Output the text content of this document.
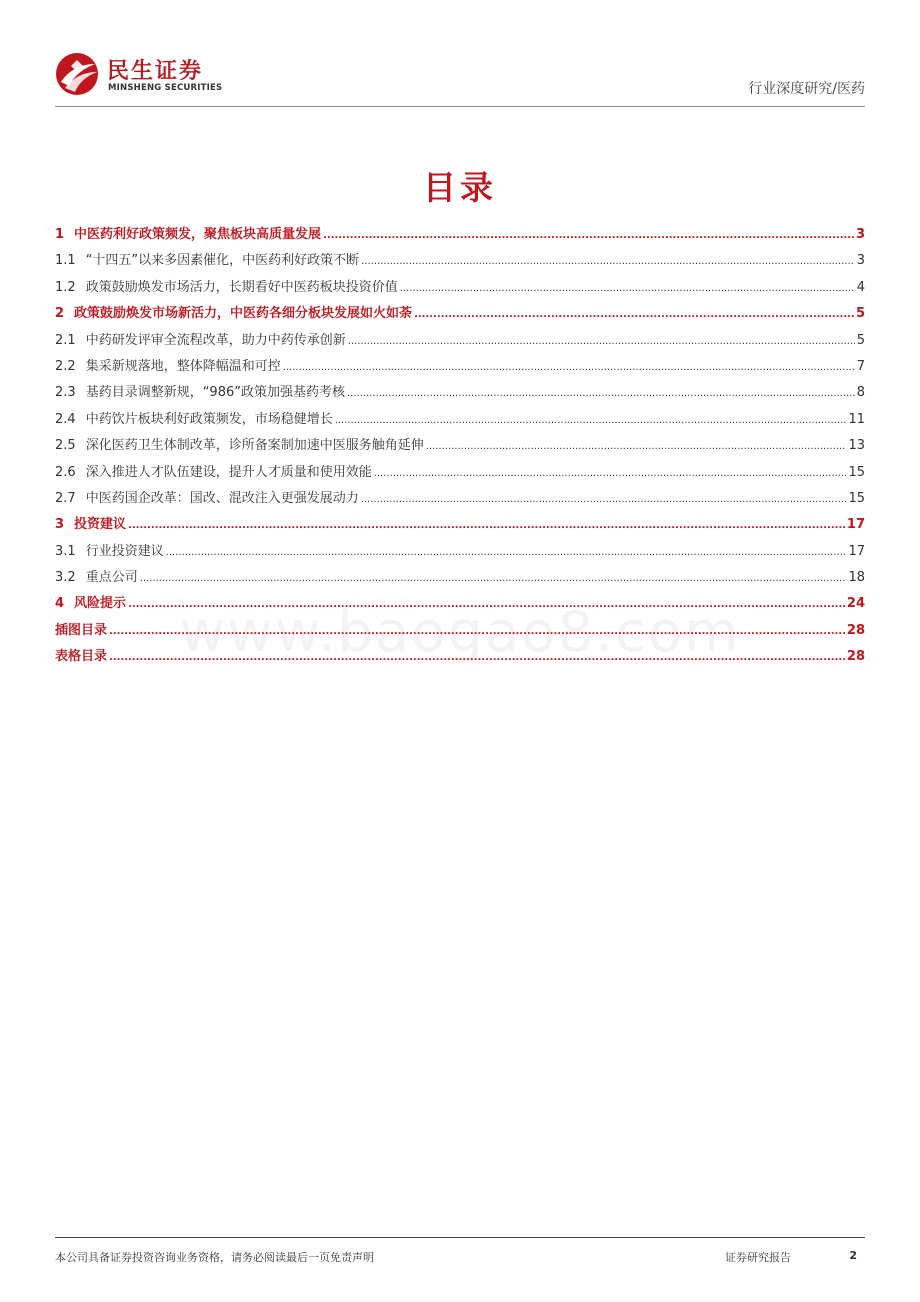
民生证券
MINSHENG SECURITIES	行业深度研究/医药
目录
www.baogao8.com
1 中医药利好政策频发，聚焦板块高质量发展 .....	3
1.1 “十四五”以来多因素催化，中医药利好政策不断 .....	3
1.2 政策鼓励焕发市场活力，长期看好中医药板块投资价值 .....	4
2 政策鼓励焕发市场新活力，中医药各细分板块发展如火如荼 .....	5
2.1 中药研发评审全流程改革，助力中药传承创新 .....	5
2.2 集采新规落地，整体降幅温和可控 .....	7
2.3 基药目录调整新规，“986”政策加强基药考核 .....	8
2.4 中药饮片板块利好政策频发，市场稳健增长 .....	11
2.5 深化医药卫生体制改革，诊所备案制加速中医服务触角延伸 .....	13
2.6 深入推进人才队伍建设，提升人才质量和使用效能 .....	15
2.7 中医药国企改革：国改、混改注入更强发展动力 .....	15
3 投资建议 .....	17
3.1 行业投资建议 .....	17
3.2 重点公司 .....	18
4 风险提示 .....	24
插图目录 .....	28
表格目录 .....	28
本公司具备证券投资咨询业务资格，请务必阅读最后一页免责声明	证券研究报告	2
